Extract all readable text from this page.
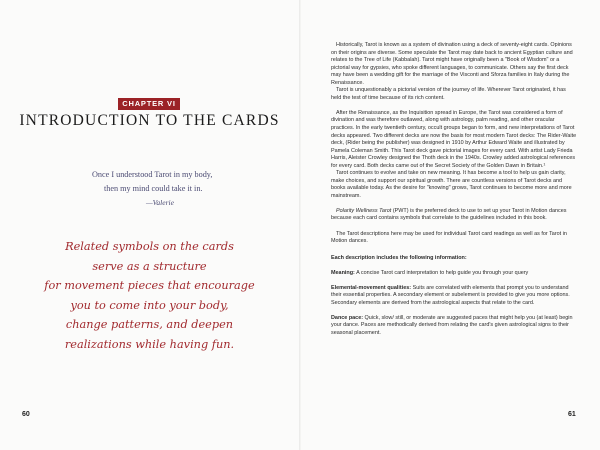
CHAPTER VI
INTRODUCTION TO THE CARDS
Once I understood Tarot in my body,
then my mind could take it in.
—Valerie
Related symbols on the cards
serve as a structure
for movement pieces that encourage
you to come into your body,
change patterns, and deepen
realizations while having fun.
60

Historically, Tarot is known as a system of divination using a deck of seventy-eight cards. Opinions on their origins are diverse. Some speculate the Tarot may date back to ancient Egyptian culture and relates to the Tree of Life (Kabbalah). Tarot might have originally been a "Book of Wisdom" or a pictorial way for gypsies, who spoke different languages, to communicate. Others say the first deck may have been a wedding gift for the marriage of the Visconti and Sforza families in Italy during the Renaissance.

Tarot is unquestionably a pictorial version of the journey of life. Wherever Tarot originated, it has held the test of time because of its rich content.

After the Renaissance, as the Inquisition spread in Europe, the Tarot was considered a form of divination and was therefore outlawed, along with astrology, palm reading, and other oracular practices. In the early twentieth century, occult groups began to form, and new interpretations of Tarot decks appeared. Two different decks are now the basis for most modern Tarot decks: The Rider-Waite deck, (Rider being the publisher) was designed in 1910 by Arthur Edward Waite and illustrated by Pamela Coleman Smith. This Tarot deck gave pictorial images for every card. With artist Lady Frieda Harris, Aleister Crowley designed the Thoth deck in the 1940s. Crowley added astrological references for every card. Both decks came out of the Secret Society of the Golden Dawn in Britain.¹

Tarot continues to evolve and take on new meaning. It has become a tool to help us gain clarity, make choices, and support our spiritual growth. There are countless versions of Tarot decks and books available today. As the desire for "knowing" grows, Tarot continues to become more and more mainstream.

Polarity Wellness Tarot (PWT) is the preferred deck to use to set up your Tarot in Motion dances because each card contains symbols that correlate to the guidelines included in this book.

The Tarot descriptions here may be used for individual Tarot card readings as well as for Tarot in Motion dances.

Each description includes the following information:

Meaning: A concise Tarot card interpretation to help guide you through your query

Elemental-movement qualities: Suits are correlated with elements that prompt you to understand their essential properties. A secondary element or subelement is provided to give you more options. Secondary elements are derived from the astrological aspects that relate to the card.

Dance pace: Quick, slow/ still, or moderate are suggested paces that might help you (at least) begin your dance. Paces are methodically derived from relating the card's given astrological signs to their seasonal placement.

61
